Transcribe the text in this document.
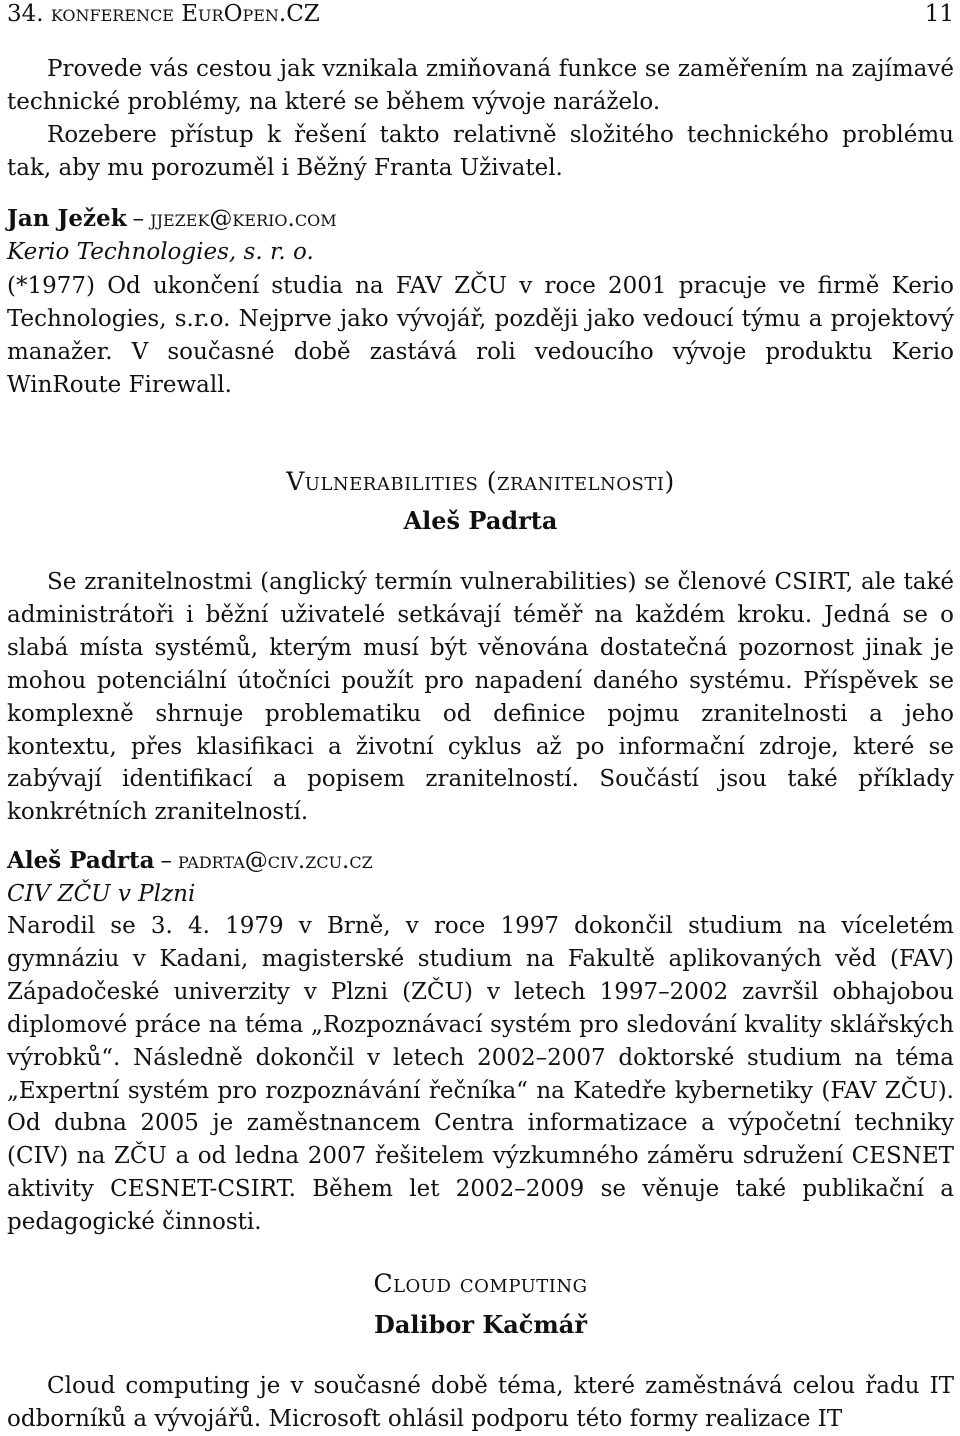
34. konference EurOpen.CZ	11
Provede vás cestou jak vznikala zmiňovaná funkce se zaměřením na zajímavé technické problémy, na které se během vývoje naráželo.
Rozebere přístup k řešení takto relativně složitého technického problému tak, aby mu porozuměl i Běžný Franta Uživatel.
Jan Ježek – jjezek@kerio.com
Kerio Technologies, s. r. o.
(*1977) Od ukončení studia na FAV ZČU v roce 2001 pracuje ve firmě Kerio Technologies, s.r.o. Nejprve jako vývojář, později jako vedoucí týmu a projektový manažer. V současné době zastává roli vedoucího vývoje produktu Kerio WinRoute Firewall.
Vulnerabilities (zranitelnosti)
Aleš Padrta
Se zranitelnostmi (anglický termín vulnerabilities) se členové CSIRT, ale také administrátoři i běžní uživatelé setkávají téměř na každém kroku. Jedná se o slabá místa systémů, kterým musí být věnována dostatečná pozornost jinak je mohou potenciální útočníci použít pro napadení daného systému. Příspěvek se komplexně shrnuje problematiku od definice pojmu zranitelnosti a jeho kontextu, přes klasifikaci a životní cyklus až po informační zdroje, které se zabývají identifikací a popisem zranitelností. Součástí jsou také příklady konkrétních zranitelností.
Aleš Padrta – padrta@civ.zcu.cz
CIV ZČU v Plzni
Narodil se 3. 4. 1979 v Brně, v roce 1997 dokončil studium na víceletém gymnáziu v Kadani, magisterské studium na Fakultě aplikovaných věd (FAV) Západočeské univerzity v Plzni (ZČU) v letech 1997–2002 završil obhajobou diplomové práce na téma „Rozpoznávací systém pro sledování kvality sklářských výrobků“. Následně dokončil v letech 2002–2007 doktorské studium na téma „Expertní systém pro rozpoznávání řečníka“ na Katedře kybernetiky (FAV ZČU). Od dubna 2005 je zaměstnancem Centra informatizace a výpočetní techniky (CIV) na ZČU a od ledna 2007 řešitelem výzkumného záměru sdružení CESNET aktivity CESNET-CSIRT. Během let 2002–2009 se věnuje také publikační a pedagogické činnosti.
Cloud computing
Dalibor Kačmář
Cloud computing je v současné době téma, které zaměstnává celou řadu IT odborníků a vývojářů. Microsoft ohlásil podporu této formy realizace IT
